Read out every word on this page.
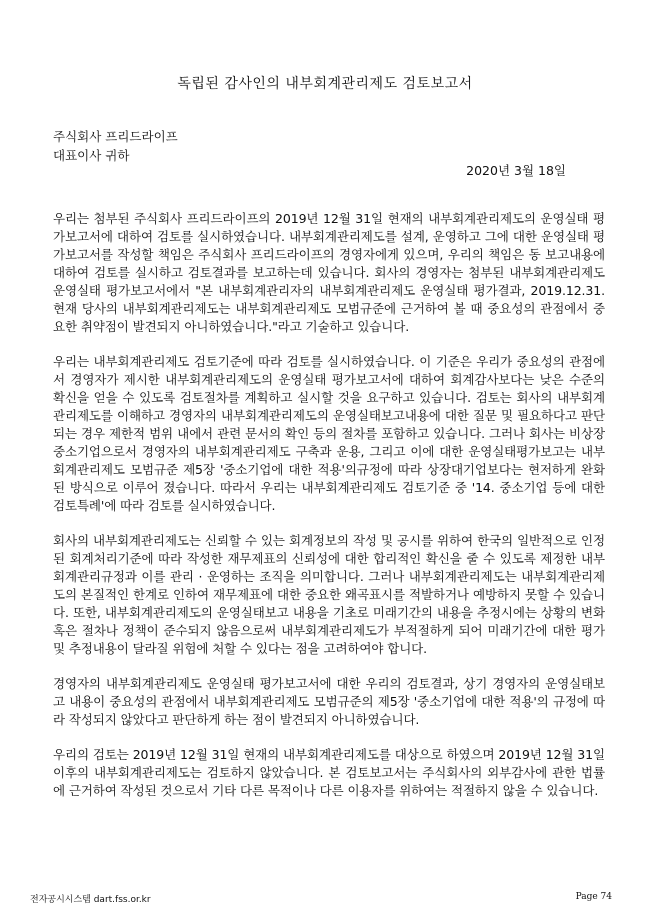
독립된 감사인의 내부회계관리제도 검토보고서
주식회사 프리드라이프
대표이사 귀하
2020년 3월 18일

우리는 첨부된 주식회사 프리드라이프의 2019년 12월 31일 현재의 내부회계관리제도의 운영실태 평가보고서에 대하여 검토를 실시하였습니다. 내부회계관리제도를 설계, 운영하고 그에 대한 운영실태 평가보고서를 작성할 책임은 주식회사 프리드라이프의 경영자에게 있으며, 우리의 책임은 동 보고내용에 대하여 검토를 실시하고 검토결과를 보고하는데 있습니다. 회사의 경영자는 첨부된 내부회계관리제도 운영실태 평가보고서에서 "본 내부회계관리자의 내부회계관리제도 운영실태 평가결과, 2019.12.31. 현재 당사의 내부회계관리제도는 내부회계관리제도 모범규준에 근거하여 볼 때 중요성의 관점에서 중요한 취약점이 발견되지 아니하였습니다."라고 기술하고 있습니다.

우리는 내부회계관리제도 검토기준에 따라 검토를 실시하였습니다. 이 기준은 우리가 중요성의 관점에서 경영자가 제시한 내부회계관리제도의 운영실태 평가보고서에 대하여 회계감사보다는 낮은 수준의 확신을 얻을 수 있도록 검토절차를 계획하고 실시할 것을 요구하고 있습니다. 검토는 회사의 내부회계관리제도를 이해하고 경영자의 내부회계관리제도의 운영실태보고내용에 대한 질문 및 필요하다고 판단되는 경우 제한적 범위 내에서 관련 문서의 확인 등의 절차를 포함하고 있습니다. 그러나 회사는 비상장중소기업으로서 경영자의 내부회계관리제도 구축과 운용, 그리고 이에 대한 운영실태평가보고는 내부회계관리제도 모범규준 제5장 '중소기업에 대한 적용'의규정에 따라 상장대기업보다는 현저하게 완화된 방식으로 이루어 졌습니다. 따라서 우리는 내부회계관리제도 검토기준 중 '14. 중소기업 등에 대한 검토특례'에 따라 검토를 실시하였습니다.

회사의 내부회계관리제도는 신뢰할 수 있는 회계정보의 작성 및 공시를 위하여 한국의 일반적으로 인정된 회계처리기준에 따라 작성한 재무제표의 신뢰성에 대한 합리적인 확신을 줄 수 있도록 제정한 내부회계관리규정과 이를 관리 · 운영하는 조직을 의미합니다. 그러나 내부회계관리제도는 내부회계관리제도의 본질적인 한계로 인하여 재무제표에 대한 중요한 왜곡표시를 적발하거나 예방하지 못할 수 있습니다. 또한, 내부회계관리제도의 운영실태보고 내용을 기초로 미래기간의 내용을 추정시에는 상황의 변화 혹은 절차나 정책이 준수되지 않음으로써 내부회계관리제도가 부적절하게 되어 미래기간에 대한 평가및 추정내용이 달라질 위험에 처할 수 있다는 점을 고려하여야 합니다.

경영자의 내부회계관리제도 운영실태 평가보고서에 대한 우리의 검토결과, 상기 경영자의 운영실태보고 내용이 중요성의 관점에서 내부회계관리제도 모범규준의 제5장 '중소기업에 대한 적용'의 규정에 따라 작성되지 않았다고 판단하게 하는 점이 발견되지 아니하였습니다.

우리의 검토는 2019년 12월 31일 현재의 내부회계관리제도를 대상으로 하였으며 2019년 12월 31일 이후의 내부회계관리제도는 검토하지 않았습니다. 본 검토보고서는 주식회사의 외부감사에 관한 법률에 근거하여 작성된 것으로서 기타 다른 목적이나 다른 이용자를 위하여는 적절하지 않을 수 있습니다.

전자공시시스템 dart.fss.or.kr	Page 74
